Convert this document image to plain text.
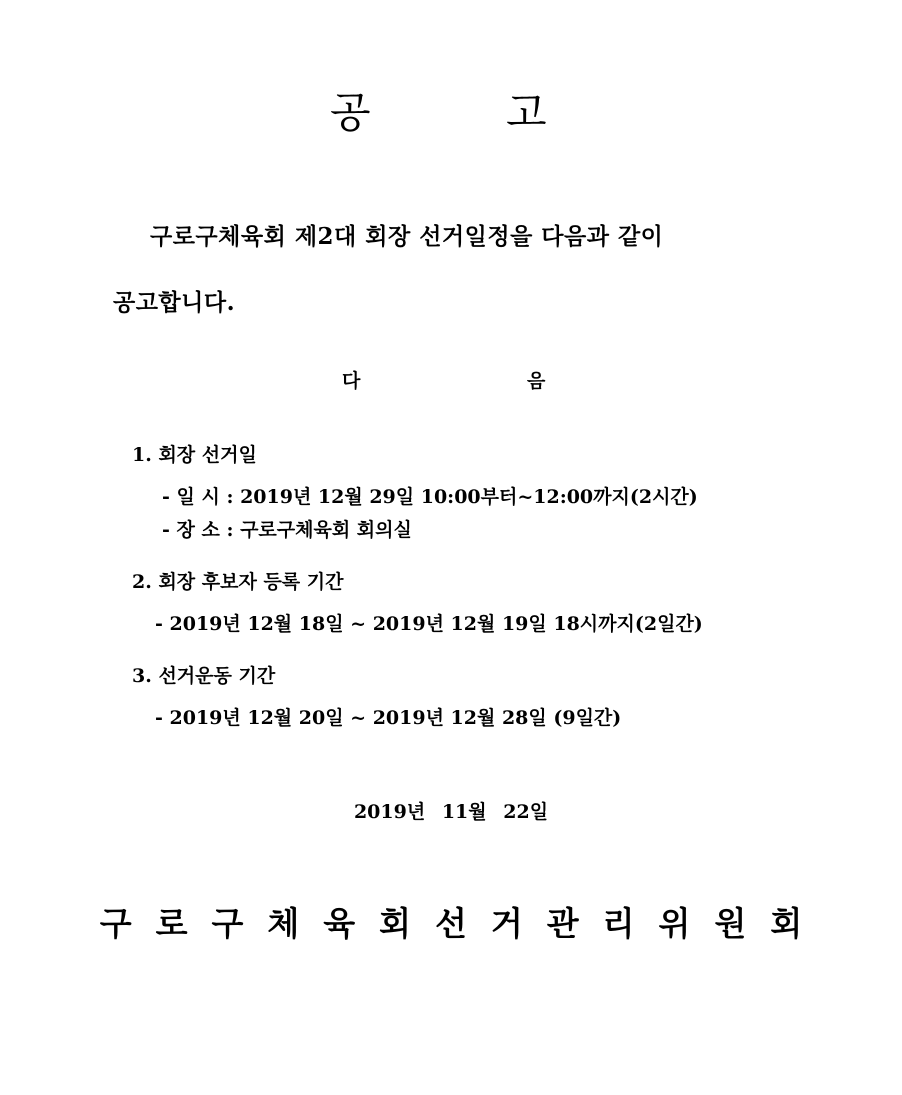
공	고
구로구체육회 제2대 회장 선거일정을 다음과 같이
공고합니다.
다	음
1. 회장 선거일
- 일 시 : 2019년 12월 29일 10:00부터~12:00까지(2시간)
- 장 소 : 구로구체육회 회의실
2. 회장 후보자 등록 기간
- 2019년 12월 18일 ~ 2019년 12월 19일 18시까지(2일간)
3. 선거운동 기간
- 2019년 12월 20일 ~ 2019년 12월 28일 (9일간)
2019년 11월 22일
구로구체육회선거관리위원회
